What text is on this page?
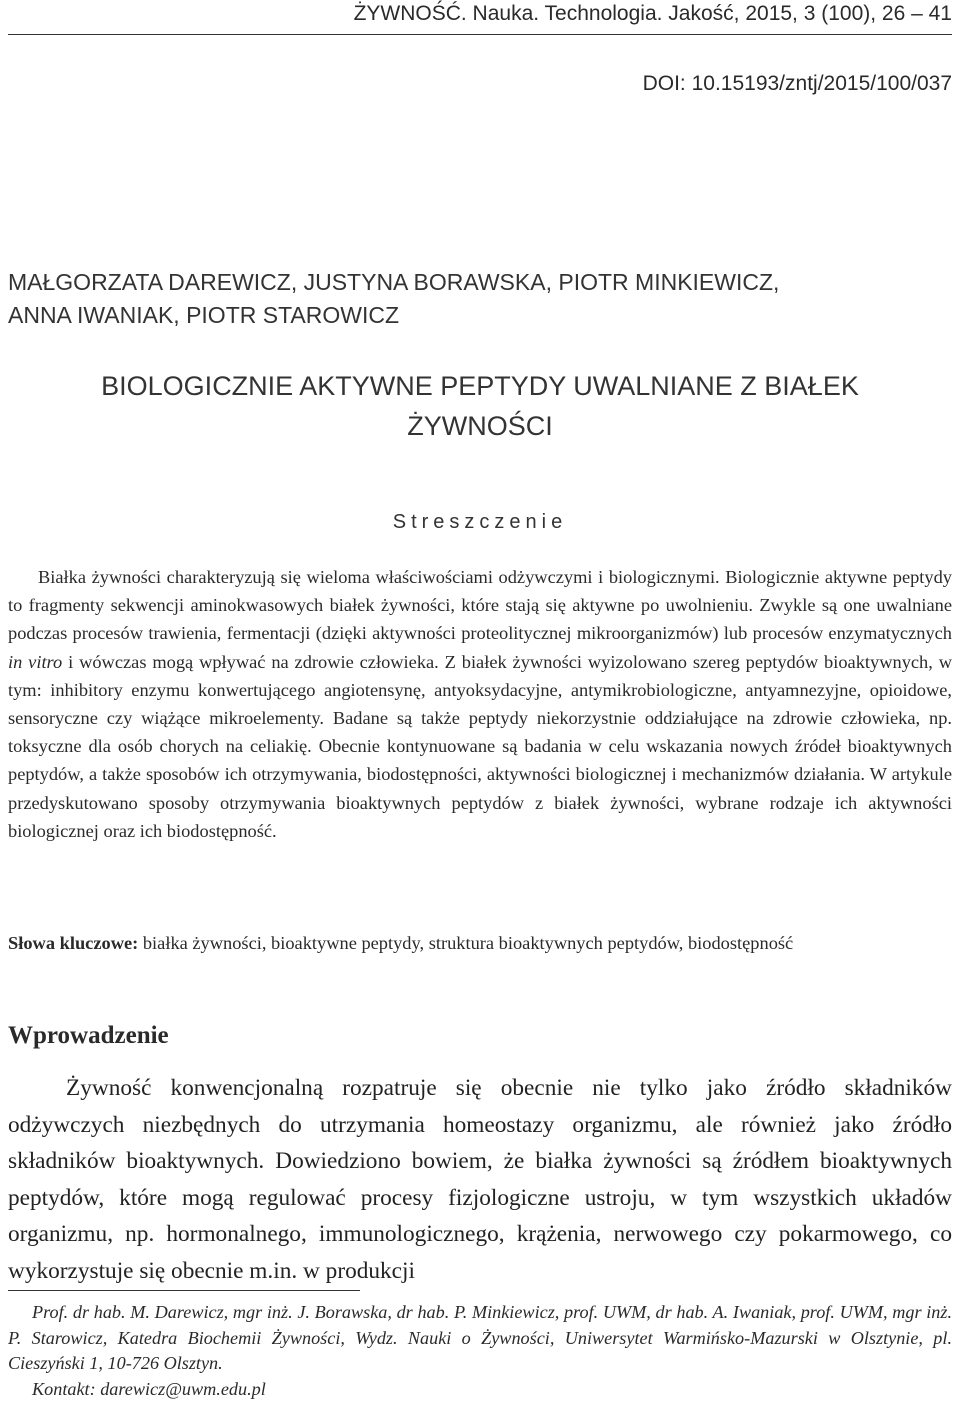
ŻYWNOŚĆ. Nauka. Technologia. Jakość, 2015, 3 (100), 26 – 41
DOI: 10.15193/zntj/2015/100/037
MAŁGORZATA DAREWICZ, JUSTYNA BORAWSKA, PIOTR MINKIEWICZ,
ANNA IWANIAK, PIOTR STAROWICZ
BIOLOGICZNIE AKTYWNE PEPTYDY UWALNIANE Z BIAŁEK
ŻYWNOŚCI
Streszczenie

Białka żywności charakteryzują się wieloma właściwościami odżywczymi i biologicznymi. Biologicznie aktywne peptydy to fragmenty sekwencji aminokwasowych białek żywności, które stają się aktywne po uwolnieniu. Zwykle są one uwalniane podczas procesów trawienia, fermentacji (dzięki aktywności proteolitycznej mikroorganizmów) lub procesów enzymatycznych in vitro i wówczas mogą wpływać na zdrowie człowieka. Z białek żywności wyizolowano szereg peptydów bioaktywnych, w tym: inhibitory enzymu konwertującego angiotensynę, antyoksydacyjne, antymikrobiologiczne, antyamnezyjne, opioidowe, sensoryczne czy wiążące mikroelementy. Badane są także peptydy niekorzystnie oddziałujące na zdrowie człowieka, np. toksyczne dla osób chorych na celiakię. Obecnie kontynuowane są badania w celu wskazania nowych źródeł bioaktywnych peptydów, a także sposobów ich otrzymywania, biodostępności, aktywności biologicznej i mechanizmów działania. W artykule przedyskutowano sposoby otrzymywania bioaktywnych peptydów z białek żywności, wybrane rodzaje ich aktywności biologicznej oraz ich biodostępność.

Słowa kluczowe: białka żywności, bioaktywne peptydy, struktura bioaktywnych peptydów, biodostępność
Wprowadzenie

Żywność konwencjonalną rozpatruje się obecnie nie tylko jako źródło składników odżywczych niezbędnych do utrzymania homeostazy organizmu, ale również jako źródło składników bioaktywnych. Dowiedziono bowiem, że białka żywności są źródłem bioaktywnych peptydów, które mogą regulować procesy fizjologiczne ustroju, w tym wszystkich układów organizmu, np. hormonalnego, immunologicznego, krążenia, nerwowego czy pokarmowego, co wykorzystuje się obecnie m.in. w produkcji

Prof. dr hab. M. Darewicz, mgr inż. J. Borawska, dr hab. P. Minkiewicz, prof. UWM, dr hab. A. Iwaniak, prof. UWM, mgr inż. P. Starowicz, Katedra Biochemii Żywności, Wydz. Nauki o Żywności, Uniwersytet Warmińsko-Mazurski w Olsztynie, pl. Cieszyński 1, 10-726 Olsztyn.

Kontakt: darewicz@uwm.edu.pl
